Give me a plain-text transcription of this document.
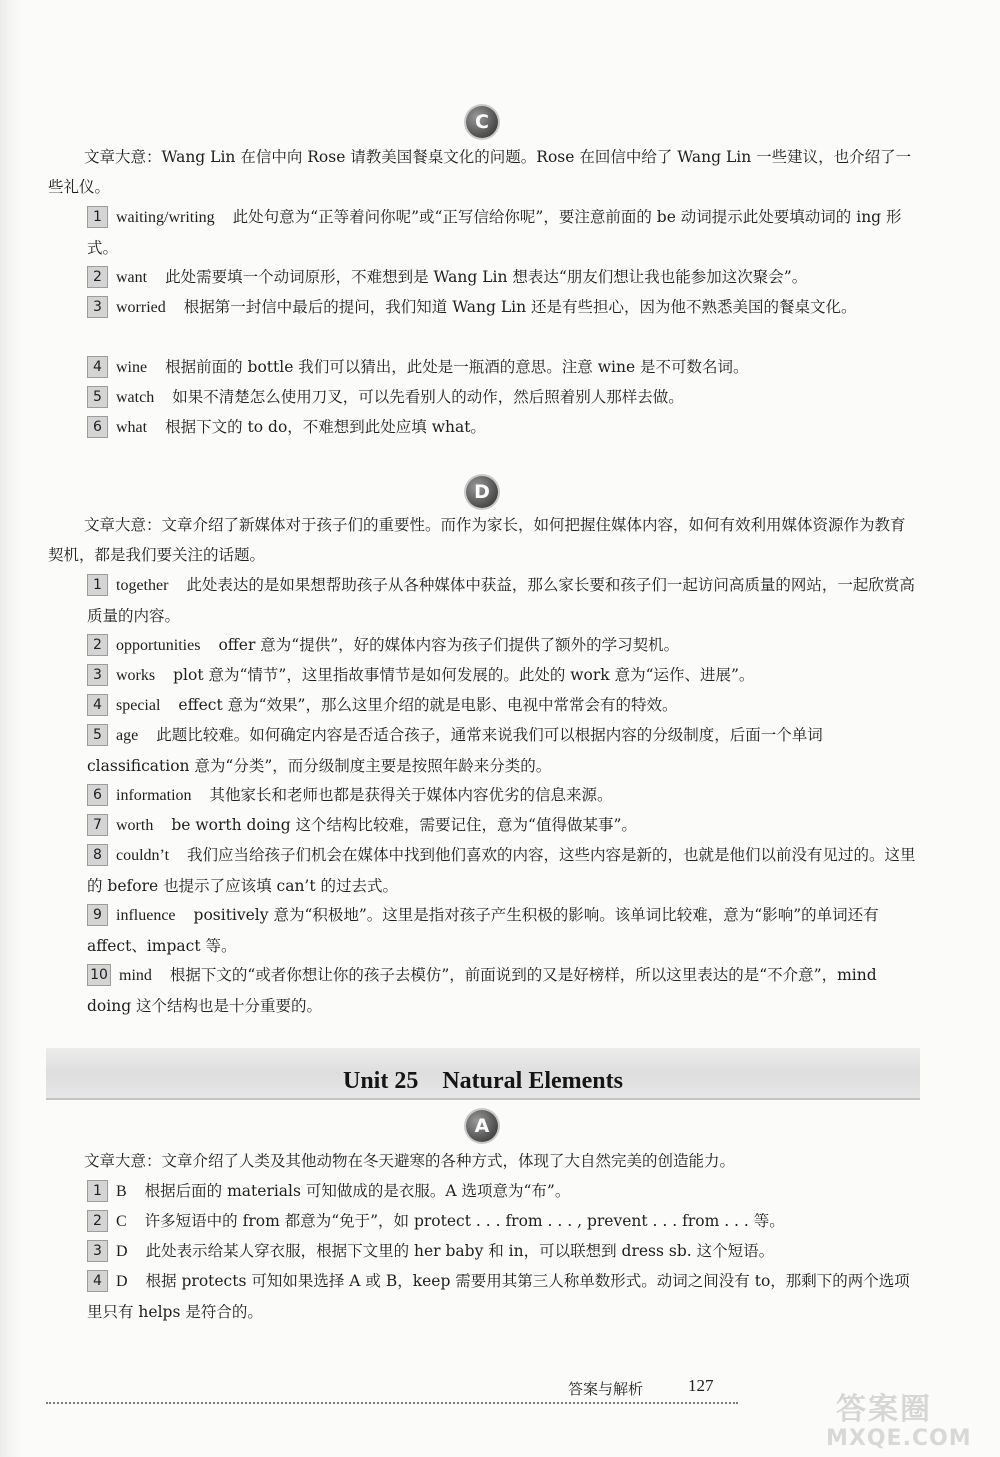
C

文章大意：Wang Lin 在信中向 Rose 请教美国餐桌文化的问题。Rose 在回信中给了 Wang Lin 一些建议，也介绍了一些礼仪。

1 waiting/writing 此处句意为“正等着问你呢”或“正写信给你呢”，要注意前面的 be 动词提示此处要填动词的 ing 形式。

2 want 此处需要填一个动词原形，不难想到是 Wang Lin 想表达“朋友们想让我也能参加这次聚会”。

3 worried 根据第一封信中最后的提问，我们知道 Wang Lin 还是有些担心，因为他不熟悉美国的餐桌文化。

4 wine 根据前面的 bottle 我们可以猜出，此处是一瓶酒的意思。注意 wine 是不可数名词。

5 watch 如果不清楚怎么使用刀叉，可以先看别人的动作，然后照着别人那样去做。

6 what 根据下文的 to do，不难想到此处应填 what。

D

文章大意：文章介绍了新媒体对于孩子们的重要性。而作为家长，如何把握住媒体内容，如何有效利用媒体资源作为教育契机，都是我们要关注的话题。

1 together 此处表达的是如果想帮助孩子从各种媒体中获益，那么家长要和孩子们一起访问高质量的网站，一起欣赏高质量的内容。

2 opportunities offer 意为“提供”，好的媒体内容为孩子们提供了额外的学习契机。

3 works plot 意为“情节”，这里指故事情节是如何发展的。此处的 work 意为“运作、进展”。

4 special effect 意为“效果”，那么这里介绍的就是电影、电视中常常会有的特效。

5 age 此题比较难。如何确定内容是否适合孩子，通常来说我们可以根据内容的分级制度，后面一个单词 classification 意为“分类”，而分级制度主要是按照年龄来分类的。

6 information 其他家长和老师也都是获得关于媒体内容优劣的信息来源。

7 worth be worth doing 这个结构比较难，需要记住，意为“值得做某事”。

8 couldn’t 我们应当给孩子们机会在媒体中找到他们喜欢的内容，这些内容是新的，也就是他们以前没有见过的。这里的 before 也提示了应该填 can’t 的过去式。

9 influence positively 意为“积极地”。这里是指对孩子产生积极的影响。该单词比较难，意为“影响”的单词还有 affect、impact 等。

10 mind 根据下文的“或者你想让你的孩子去模仿”，前面说到的又是好榜样，所以这里表达的是“不介意”，mind doing 这个结构也是十分重要的。

Unit 25　Natural Elements
A

文章大意：文章介绍了人类及其他动物在冬天避寒的各种方式，体现了大自然完美的创造能力。

1 B 根据后面的 materials 可知做成的是衣服。A 选项意为“布”。

2 C 许多短语中的 from 都意为“免于”，如 protect . . . from . . . , prevent . . . from . . . 等。

3 D 此处表示给某人穿衣服，根据下文里的 her baby 和 in，可以联想到 dress sb. 这个短语。

4 D 根据 protects 可知如果选择 A 或 B，keep 需要用其第三人称单数形式。动词之间没有 to，那剩下的两个选项里只有 helps 是符合的。

答案与解析	127
答案圈
MXQE.COM
